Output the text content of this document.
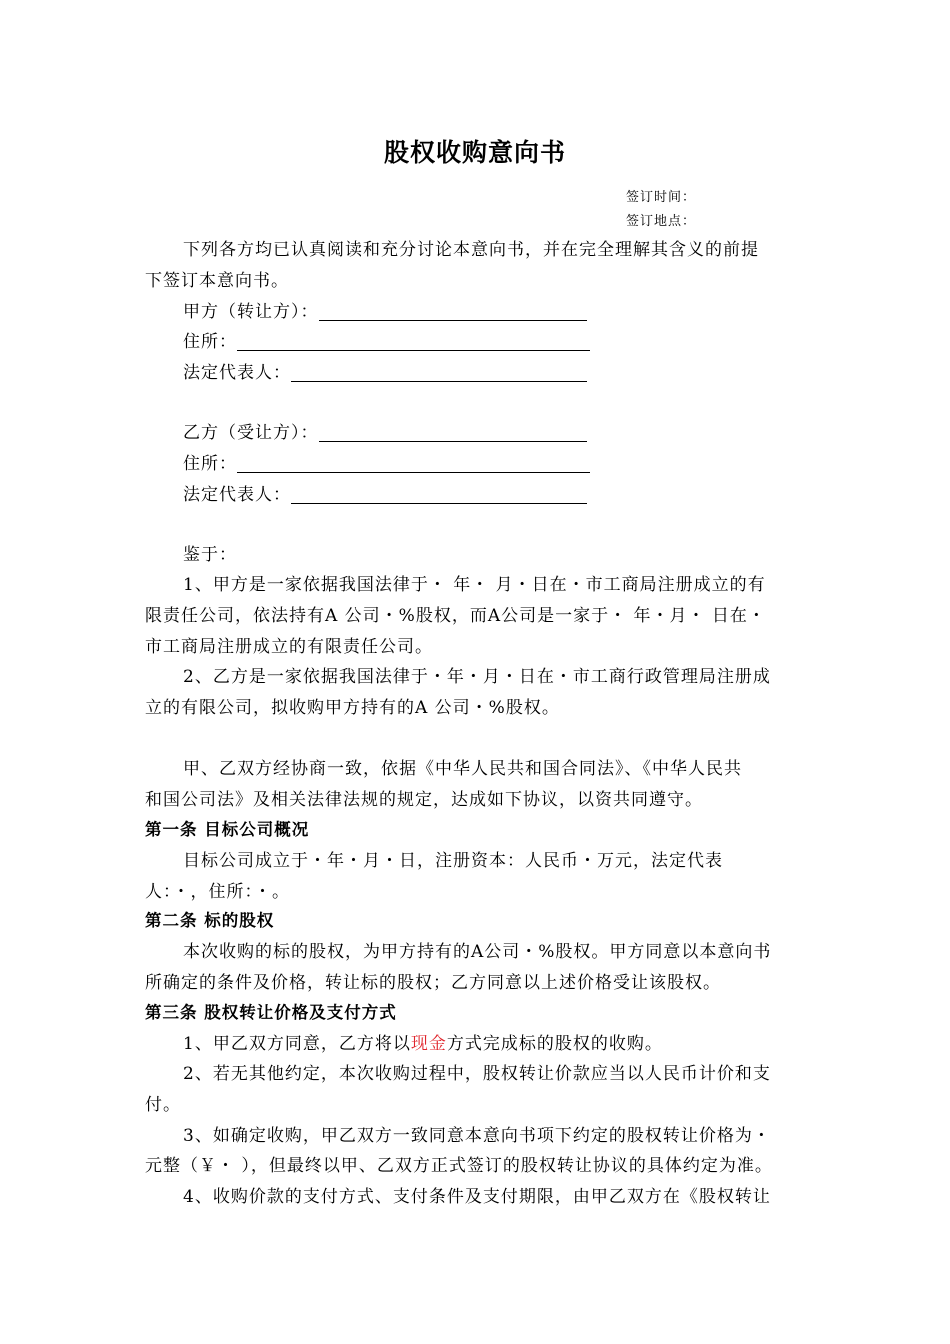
股权收购意向书
签订时间：
签订地点：
下列各方均已认真阅读和充分讨论本意向书，并在完全理解其含义的前提
下签订本意向书。
甲方（转让方）：
住所：
法定代表人：
乙方（受让方）：
住所：
法定代表人：
鉴于：
1、甲方是一家依据我国法律于・ 年・ 月・日在・市工商局注册成立的有
限责任公司，依法持有A 公司・%股权，而A公司是一家于・ 年・月・ 日在・
市工商局注册成立的有限责任公司。
2、乙方是一家依据我国法律于・年・月・日在・市工商行政管理局注册成
立的有限公司，拟收购甲方持有的A 公司・%股权。
甲、乙双方经协商一致，依据《中华人民共和国合同法》、《中华人民共
和国公司法》及相关法律法规的规定，达成如下协议，以资共同遵守。
第一条 目标公司概况
目标公司成立于・年・月・日，注册资本：人民币・万元，法定代表
人：・，住所：・。
第二条 标的股权
本次收购的标的股权，为甲方持有的A公司・%股权。甲方同意以本意向书
所确定的条件及价格，转让标的股权；乙方同意以上述价格受让该股权。
第三条 股权转让价格及支付方式
1、甲乙双方同意，乙方将以现金方式完成标的股权的收购。
2、若无其他约定，本次收购过程中，股权转让价款应当以人民币计价和支
付。
3、如确定收购，甲乙双方一致同意本意向书项下约定的股权转让价格为・
元整（￥・ ），但最终以甲、乙双方正式签订的股权转让协议的具体约定为准。
4、收购价款的支付方式、支付条件及支付期限，由甲乙双方在《股权转让
